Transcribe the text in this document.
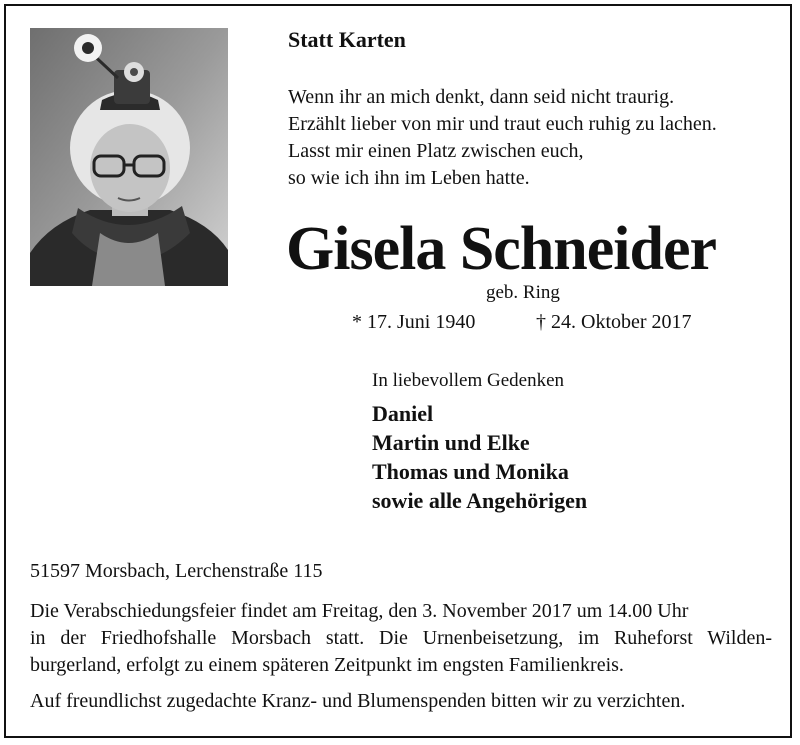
Statt Karten
Wenn ihr an mich denkt, dann seid nicht traurig.
Erzählt lieber von mir und traut euch ruhig zu lachen.
Lasst mir einen Platz zwischen euch,
so wie ich ihn im Leben hatte.
Gisela Schneider
geb. Ring
* 17. Juni 1940	† 24. Oktober 2017
In liebevollem Gedenken
Daniel
Martin und Elke
Thomas und Monika
sowie alle Angehörigen
51597 Morsbach, Lerchenstraße 115
Die Verabschiedungsfeier findet am Freitag, den 3. November 2017 um 14.00 Uhr
in der Friedhofshalle Morsbach statt. Die Urnenbeisetzung, im Ruheforst Wilden-
burgerland, erfolgt zu einem späteren Zeitpunkt im engsten Familienkreis.

Auf freundlichst zugedachte Kranz- und Blumenspenden bitten wir zu verzichten.
